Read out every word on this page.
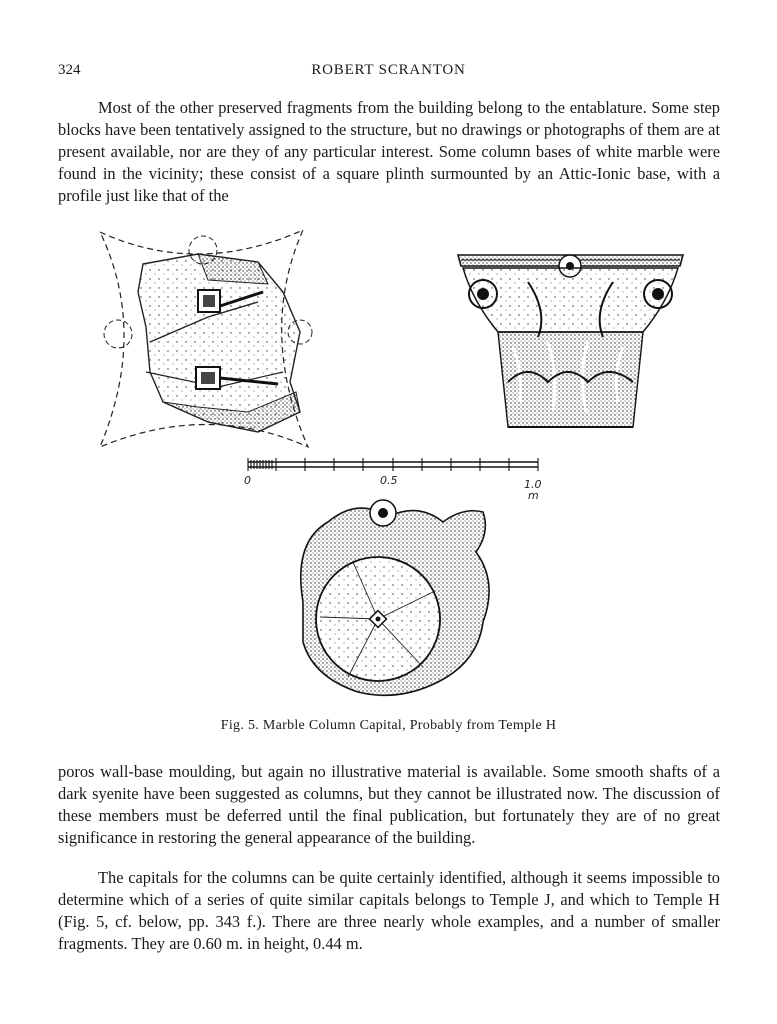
324	ROBERT SCRANTON

Most of the other preserved fragments from the building belong to the entablature. Some step blocks have been tentatively assigned to the structure, but no drawings or photographs of them are at present available, nor are they of any particular interest. Some column bases of white marble were found in the vicinity; these consist of a square plinth surmounted by an Attic-Ionic base, with a profile just like that of the

0	0.5	1.0
m
Fig. 5. Marble Column Capital, Probably from Temple H

poros wall-base moulding, but again no illustrative material is available. Some smooth shafts of a dark syenite have been suggested as columns, but they cannot be illustrated now. The discussion of these members must be deferred until the final publication, but fortunately they are of no great significance in restoring the general appearance of the building.

The capitals for the columns can be quite certainly identified, although it seems impossible to determine which of a series of quite similar capitals belongs to Temple J, and which to Temple H (Fig. 5, cf. below, pp. 343 f.). There are three nearly whole examples, and a number of smaller fragments. They are 0.60 m. in height, 0.44 m.
